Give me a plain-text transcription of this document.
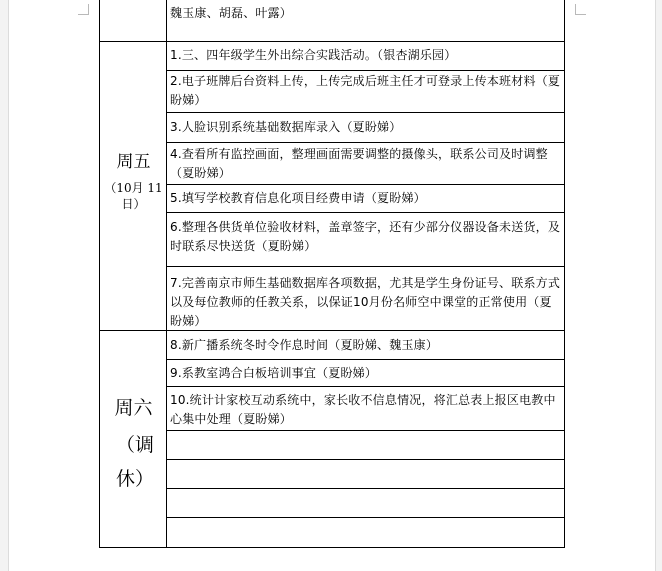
魏玉康、胡磊、叶露）
周五
（10月 11日）
1.三、四年级学生外出综合实践活动。（银杏湖乐园）
2.电子班牌后台资料上传，上传完成后班主任才可登录上传本班材料（夏盼娣）
3.人脸识别系统基础数据库录入（夏盼娣）
4.查看所有监控画面，整理画面需要调整的摄像头，联系公司及时调整（夏盼娣）
5.填写学校教育信息化项目经费申请（夏盼娣）
6.整理各供货单位验收材料，盖章签字，还有少部分仪器设备未送货，及时联系尽快送货（夏盼娣）
7.完善南京市师生基础数据库各项数据，尤其是学生身份证号、联系方式以及每位教师的任教关系，以保证10月份名师空中课堂的正常使用（夏盼娣）
周六
（调休）
8.新广播系统冬时令作息时间（夏盼娣、魏玉康）
9.系教室鸿合白板培训事宜（夏盼娣）
10.统计计家校互动系统中，家长收不信息情况，将汇总表上报区电教中心集中处理（夏盼娣）
